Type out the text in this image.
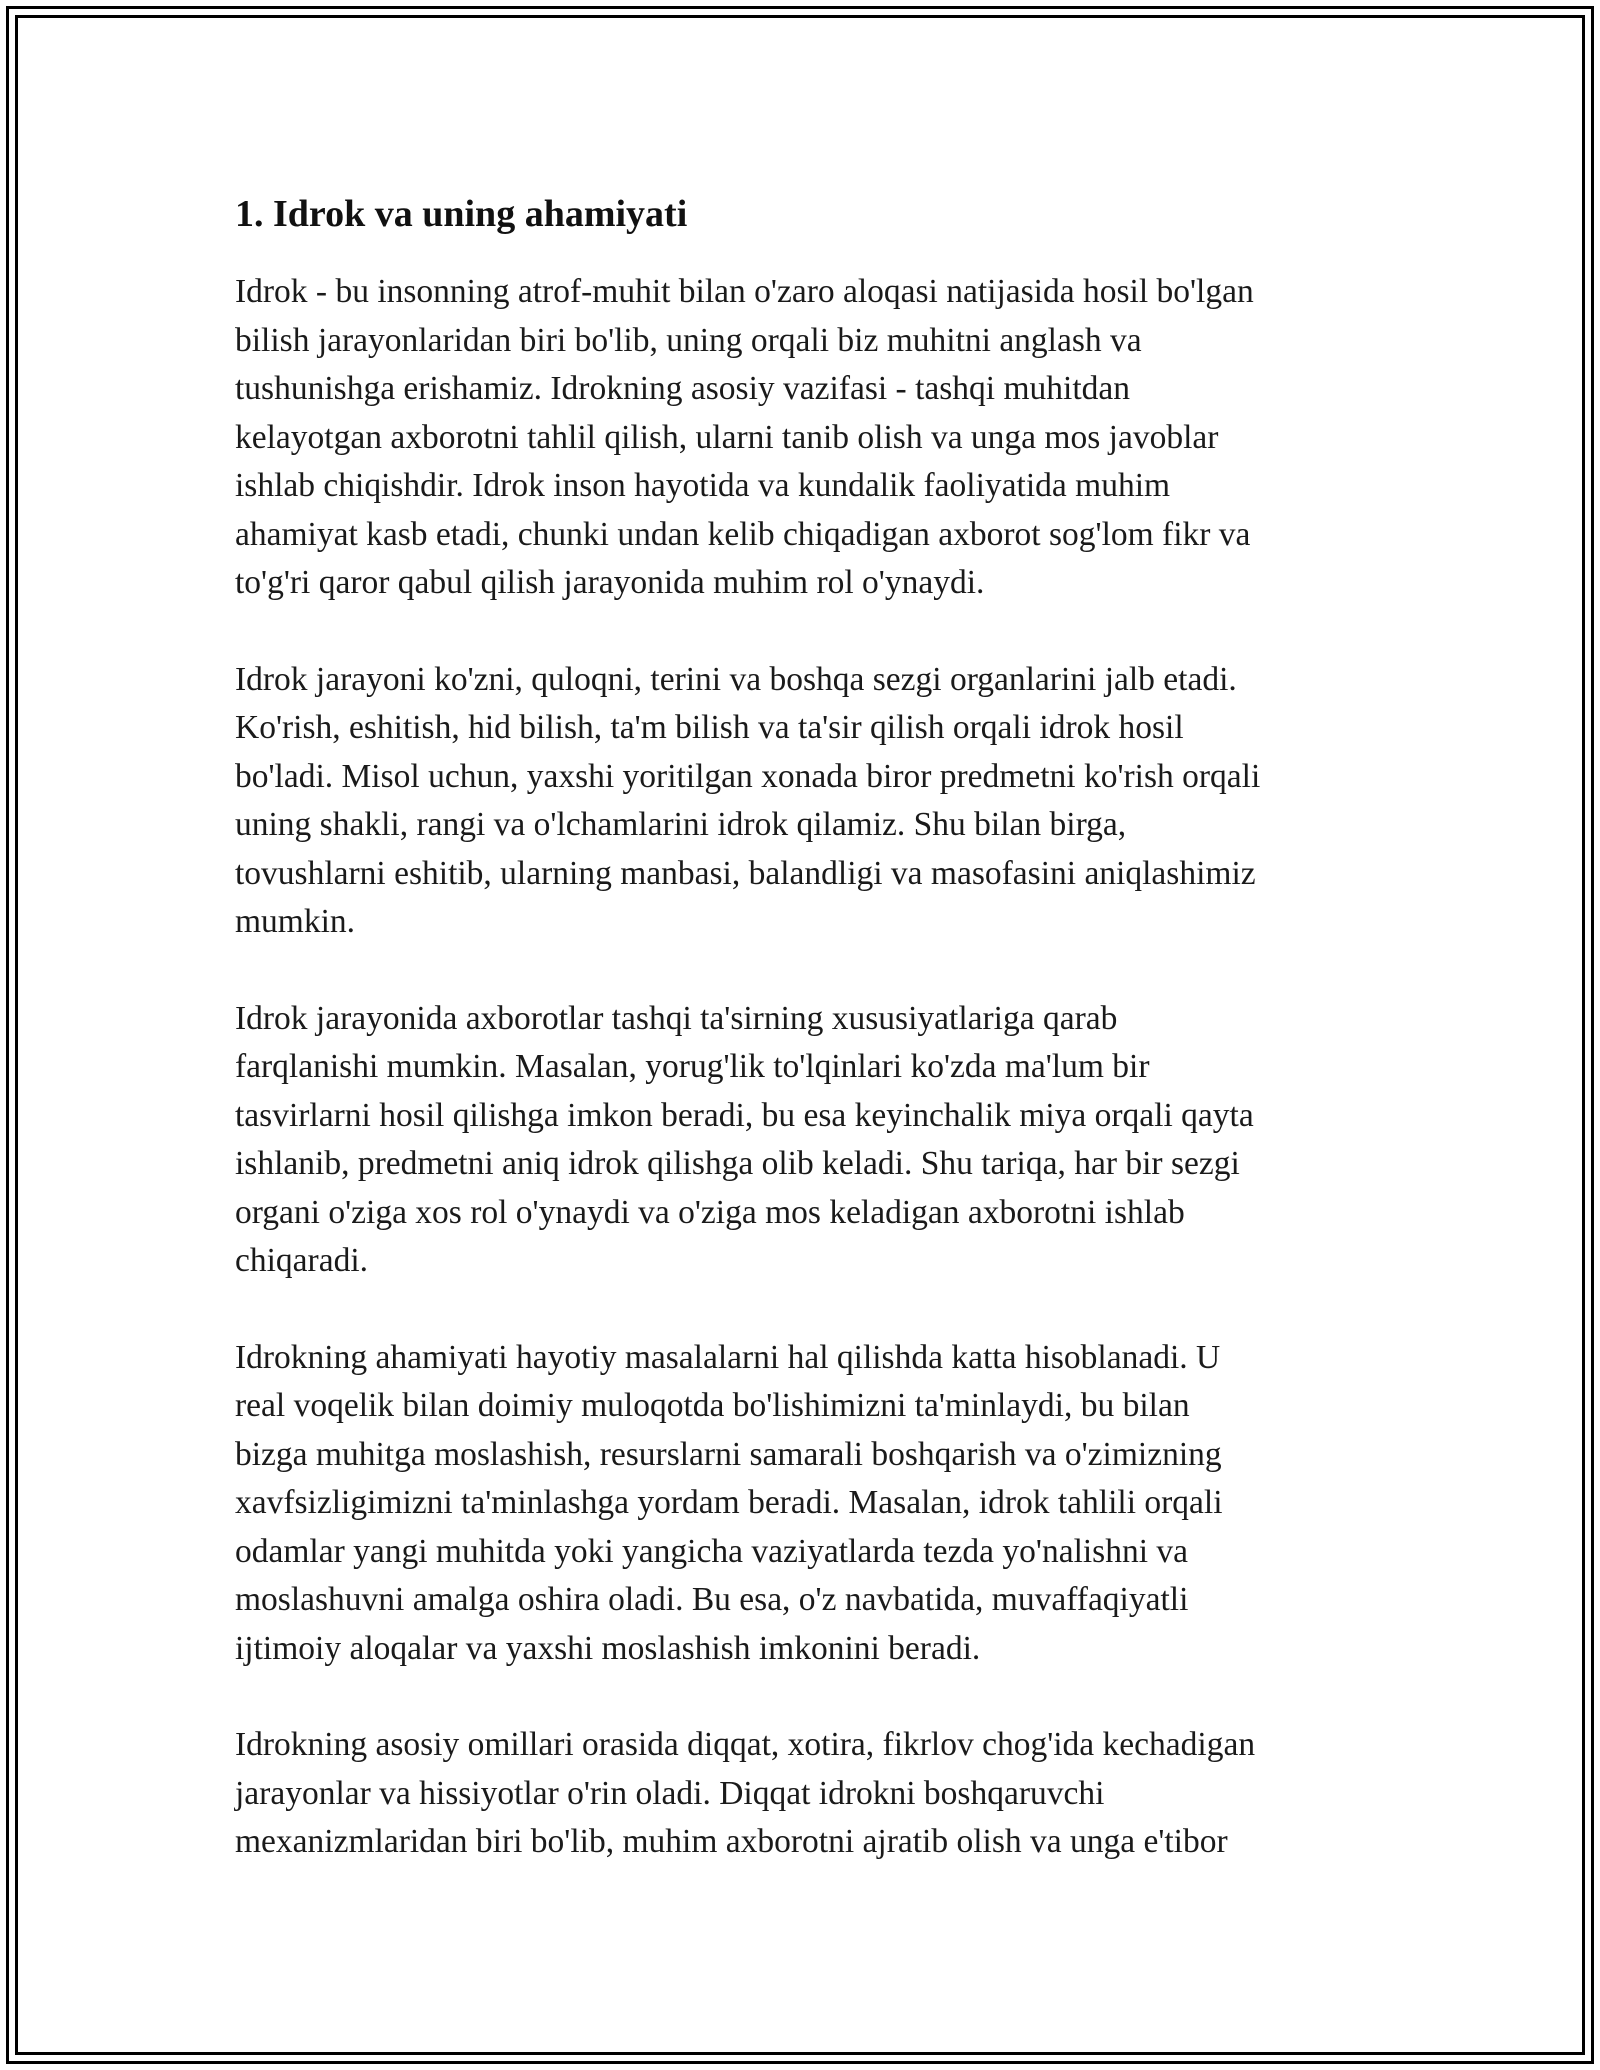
1. Idrok va uning ahamiyati

Idrok - bu insonning atrof-muhit bilan o'zaro aloqasi natijasida hosil bo'lgan
bilish jarayonlaridan biri bo'lib, uning orqali biz muhitni anglash va
tushunishga erishamiz. Idrokning asosiy vazifasi - tashqi muhitdan
kelayotgan axborotni tahlil qilish, ularni tanib olish va unga mos javoblar
ishlab chiqishdir. Idrok inson hayotida va kundalik faoliyatida muhim
ahamiyat kasb etadi, chunki undan kelib chiqadigan axborot sog'lom fikr va
to'g'ri qaror qabul qilish jarayonida muhim rol o'ynaydi.

Idrok jarayoni ko'zni, quloqni, terini va boshqa sezgi organlarini jalb etadi.
Ko'rish, eshitish, hid bilish, ta'm bilish va ta'sir qilish orqali idrok hosil
bo'ladi. Misol uchun, yaxshi yoritilgan xonada biror predmetni ko'rish orqali
uning shakli, rangi va o'lchamlarini idrok qilamiz. Shu bilan birga,
tovushlarni eshitib, ularning manbasi, balandligi va masofasini aniqlashimiz
mumkin.

Idrok jarayonida axborotlar tashqi ta'sirning xususiyatlariga qarab
farqlanishi mumkin. Masalan, yorug'lik to'lqinlari ko'zda ma'lum bir
tasvirlarni hosil qilishga imkon beradi, bu esa keyinchalik miya orqali qayta
ishlanib, predmetni aniq idrok qilishga olib keladi. Shu tariqa, har bir sezgi
organi o'ziga xos rol o'ynaydi va o'ziga mos keladigan axborotni ishlab
chiqaradi.

Idrokning ahamiyati hayotiy masalalarni hal qilishda katta hisoblanadi. U
real voqelik bilan doimiy muloqotda bo'lishimizni ta'minlaydi, bu bilan
bizga muhitga moslashish, resurslarni samarali boshqarish va o'zimizning
xavfsizligimizni ta'minlashga yordam beradi. Masalan, idrok tahlili orqali
odamlar yangi muhitda yoki yangicha vaziyatlarda tezda yo'nalishni va
moslashuvni amalga oshira oladi. Bu esa, o'z navbatida, muvaffaqiyatli
ijtimoiy aloqalar va yaxshi moslashish imkonini beradi.

Idrokning asosiy omillari orasida diqqat, xotira, fikrlov chog'ida kechadigan
jarayonlar va hissiyotlar o'rin oladi. Diqqat idrokni boshqaruvchi
mexanizmlaridan biri bo'lib, muhim axborotni ajratib olish va unga e'tibor
